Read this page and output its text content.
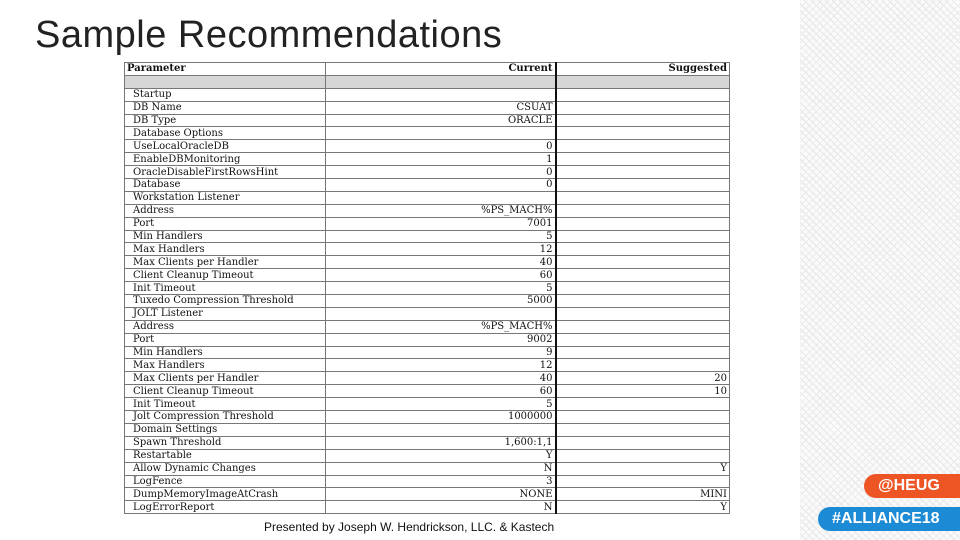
Sample Recommendations
Parameter	Current	Suggested

Startup		
DB Name	CSUAT	
DB Type	ORACLE	
Database Options		
UseLocalOracleDB	0	
EnableDBMonitoring	1	
OracleDisableFirstRowsHint	0	
Database	0	
Workstation Listener		
Address	%PS_MACH%	
Port	7001	
Min Handlers	5	
Max Handlers	12	
Max Clients per Handler	40	
Client Cleanup Timeout	60	
Init Timeout	5	
Tuxedo Compression Threshold	5000	
JOLT Listener		
Address	%PS_MACH%	
Port	9002	
Min Handlers	9	
Max Handlers	12	
Max Clients per Handler	40	20
Client Cleanup Timeout	60	10
Init Timeout	5	
Jolt Compression Threshold	1000000	
Domain Settings		
Spawn Threshold	1,600:1,1	
Restartable	Y	
Allow Dynamic Changes	N	Y
LogFence	3	
DumpMemoryImageAtCrash	NONE	MINI
LogErrorReport	N	Y
Presented by Joseph W. Hendrickson, LLC. & Kastech
@HEUG
#ALLIANCE18
